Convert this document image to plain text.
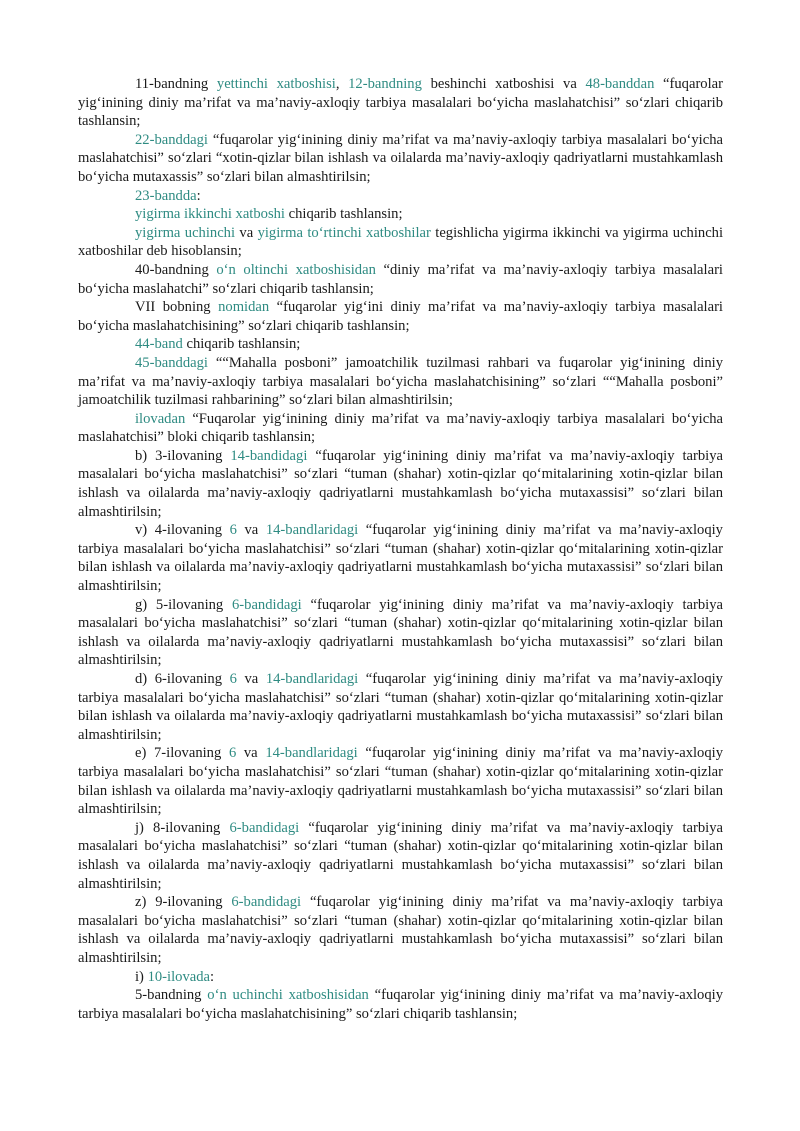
11-bandning yettinchi xatboshisi, 12-bandning beshinchi xatboshisi va 48-banddan “fuqarolar yig‘inining diniy ma’rifat va ma’naviy-axloqiy tarbiya masalalari bo‘yicha maslahatchisi” so‘zlari chiqarib tashlansin;

22-banddagi “fuqarolar yig‘inining diniy ma’rifat va ma’naviy-axloqiy tarbiya masalalari bo‘yicha maslahatchisi” so‘zlari “xotin-qizlar bilan ishlash va oilalarda ma’naviy-axloqiy qadriyatlarni mustahkamlash bo‘yicha mutaxassis” so‘zlari bilan almashtirilsin;

23-bandda:

yigirma ikkinchi xatboshi chiqarib tashlansin;

yigirma uchinchi va yigirma to‘rtinchi xatboshilar tegishlicha yigirma ikkinchi va yigirma uchinchi xatboshilar deb hisoblansin;

40-bandning o‘n oltinchi xatboshisidan “diniy ma’rifat va ma’naviy-axloqiy tarbiya masalalari bo‘yicha maslahatchi” so‘zlari chiqarib tashlansin;

VII bobning nomidan “fuqarolar yig‘ini diniy ma’rifat va ma’naviy-axloqiy tarbiya masalalari bo‘yicha maslahatchisining” so‘zlari chiqarib tashlansin;

44-band chiqarib tashlansin;

45-banddagi ““Mahalla posboni” jamoatchilik tuzilmasi rahbari va fuqarolar yig‘inining diniy ma’rifat va ma’naviy-axloqiy tarbiya masalalari bo‘yicha maslahatchisining” so‘zlari ““Mahalla posboni” jamoatchilik tuzilmasi rahbarining” so‘zlari bilan almashtirilsin;

ilovadan “Fuqarolar yig‘inining diniy ma’rifat va ma’naviy-axloqiy tarbiya masalalari bo‘yicha maslahatchisi” bloki chiqarib tashlansin;

b) 3-ilovaning 14-bandidagi “fuqarolar yig‘inining diniy ma’rifat va ma’naviy-axloqiy tarbiya masalalari bo‘yicha maslahatchisi” so‘zlari “tuman (shahar) xotin-qizlar qo‘mitalarining xotin-qizlar bilan ishlash va oilalarda ma’naviy-axloqiy qadriyatlarni mustahkamlash bo‘yicha mutaxassisi” so‘zlari bilan almashtirilsin;

v) 4-ilovaning 6 va 14-bandlaridagi “fuqarolar yig‘inining diniy ma’rifat va ma’naviy-axloqiy tarbiya masalalari bo‘yicha maslahatchisi” so‘zlari “tuman (shahar) xotin-qizlar qo‘mitalarining xotin-qizlar bilan ishlash va oilalarda ma’naviy-axloqiy qadriyatlarni mustahkamlash bo‘yicha mutaxassisi” so‘zlari bilan almashtirilsin;

g) 5-ilovaning 6-bandidagi “fuqarolar yig‘inining diniy ma’rifat va ma’naviy-axloqiy tarbiya masalalari bo‘yicha maslahatchisi” so‘zlari “tuman (shahar) xotin-qizlar qo‘mitalarining xotin-qizlar bilan ishlash va oilalarda ma’naviy-axloqiy qadriyatlarni mustahkamlash bo‘yicha mutaxassisi” so‘zlari bilan almashtirilsin;

d) 6-ilovaning 6 va 14-bandlaridagi “fuqarolar yig‘inining diniy ma’rifat va ma’naviy-axloqiy tarbiya masalalari bo‘yicha maslahatchisi” so‘zlari “tuman (shahar) xotin-qizlar qo‘mitalarining xotin-qizlar bilan ishlash va oilalarda ma’naviy-axloqiy qadriyatlarni mustahkamlash bo‘yicha mutaxassisi” so‘zlari bilan almashtirilsin;

e) 7-ilovaning 6 va 14-bandlaridagi “fuqarolar yig‘inining diniy ma’rifat va ma’naviy-axloqiy tarbiya masalalari bo‘yicha maslahatchisi” so‘zlari “tuman (shahar) xotin-qizlar qo‘mitalarining xotin-qizlar bilan ishlash va oilalarda ma’naviy-axloqiy qadriyatlarni mustahkamlash bo‘yicha mutaxassisi” so‘zlari bilan almashtirilsin;

j) 8-ilovaning 6-bandidagi “fuqarolar yig‘inining diniy ma’rifat va ma’naviy-axloqiy tarbiya masalalari bo‘yicha maslahatchisi” so‘zlari “tuman (shahar) xotin-qizlar qo‘mitalarining xotin-qizlar bilan ishlash va oilalarda ma’naviy-axloqiy qadriyatlarni mustahkamlash bo‘yicha mutaxassisi” so‘zlari bilan almashtirilsin;

z) 9-ilovaning 6-bandidagi “fuqarolar yig‘inining diniy ma’rifat va ma’naviy-axloqiy tarbiya masalalari bo‘yicha maslahatchisi” so‘zlari “tuman (shahar) xotin-qizlar qo‘mitalarining xotin-qizlar bilan ishlash va oilalarda ma’naviy-axloqiy qadriyatlarni mustahkamlash bo‘yicha mutaxassisi” so‘zlari bilan almashtirilsin;

i) 10-ilovada:

5-bandning o‘n uchinchi xatboshisidan “fuqarolar yig‘inining diniy ma’rifat va ma’naviy-axloqiy tarbiya masalalari bo‘yicha maslahatchisining” so‘zlari chiqarib tashlansin;
